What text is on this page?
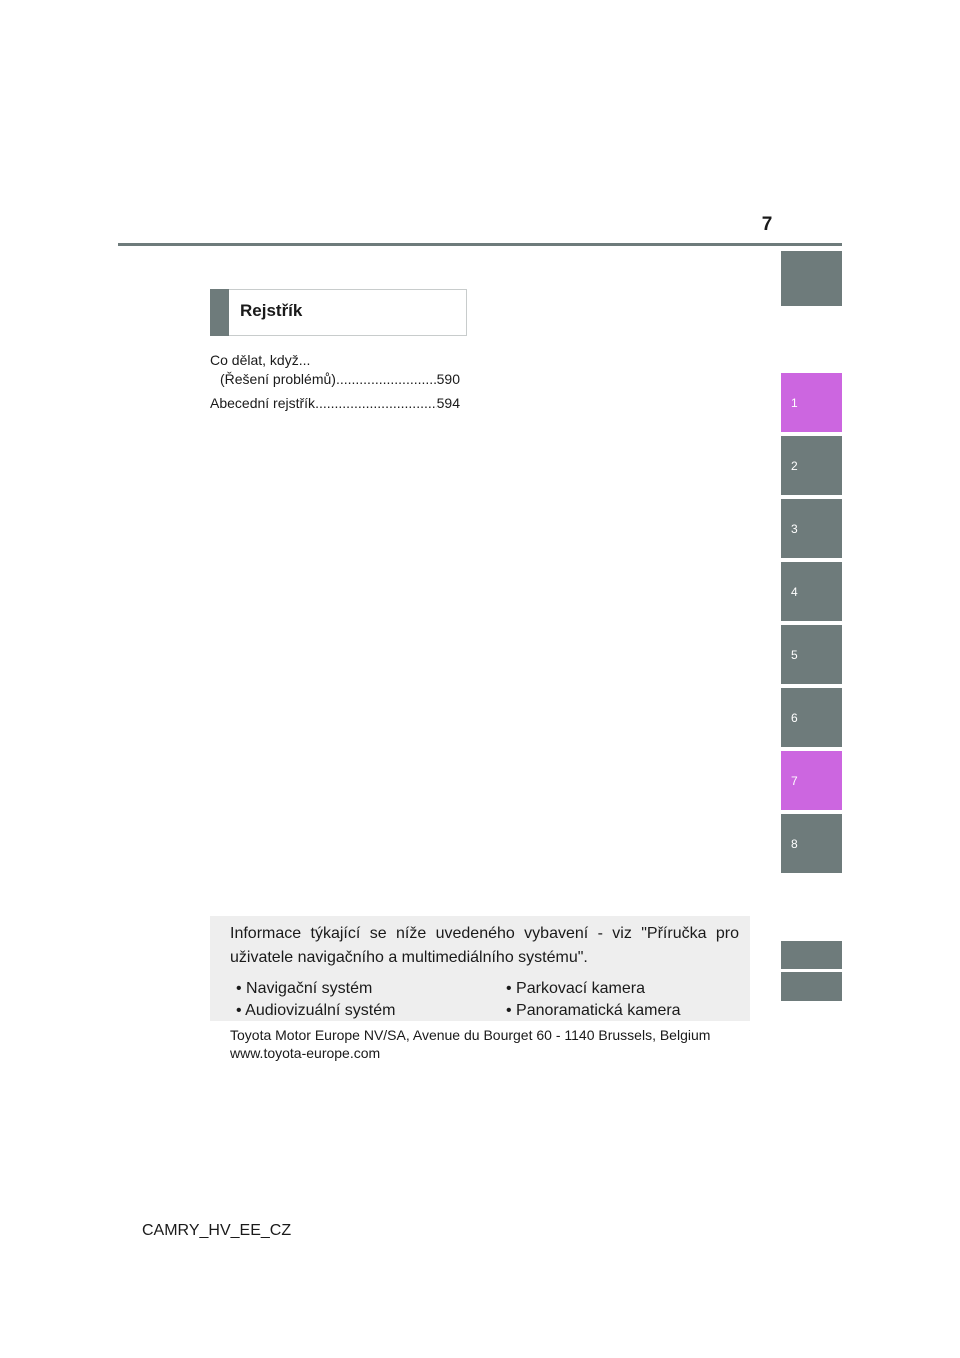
7
1
2
3
4
5
6
7
8
Rejstřík
Co dělat, když...
(Řešení problémů) .....	590
Abecední rejstřík .....	594

Informace týkající se níže uvedeného vybavení - viz "Příručka pro uživatele navigačního a multimediálního systému".

• Navigační systém	• Parkovací kamera
• Audiovizuální systém	• Panoramatická kamera
Toyota Motor Europe NV/SA, Avenue du Bourget 60 - 1140 Brussels, Belgium
www.toyota-europe.com
CAMRY_HV_EE_CZ
